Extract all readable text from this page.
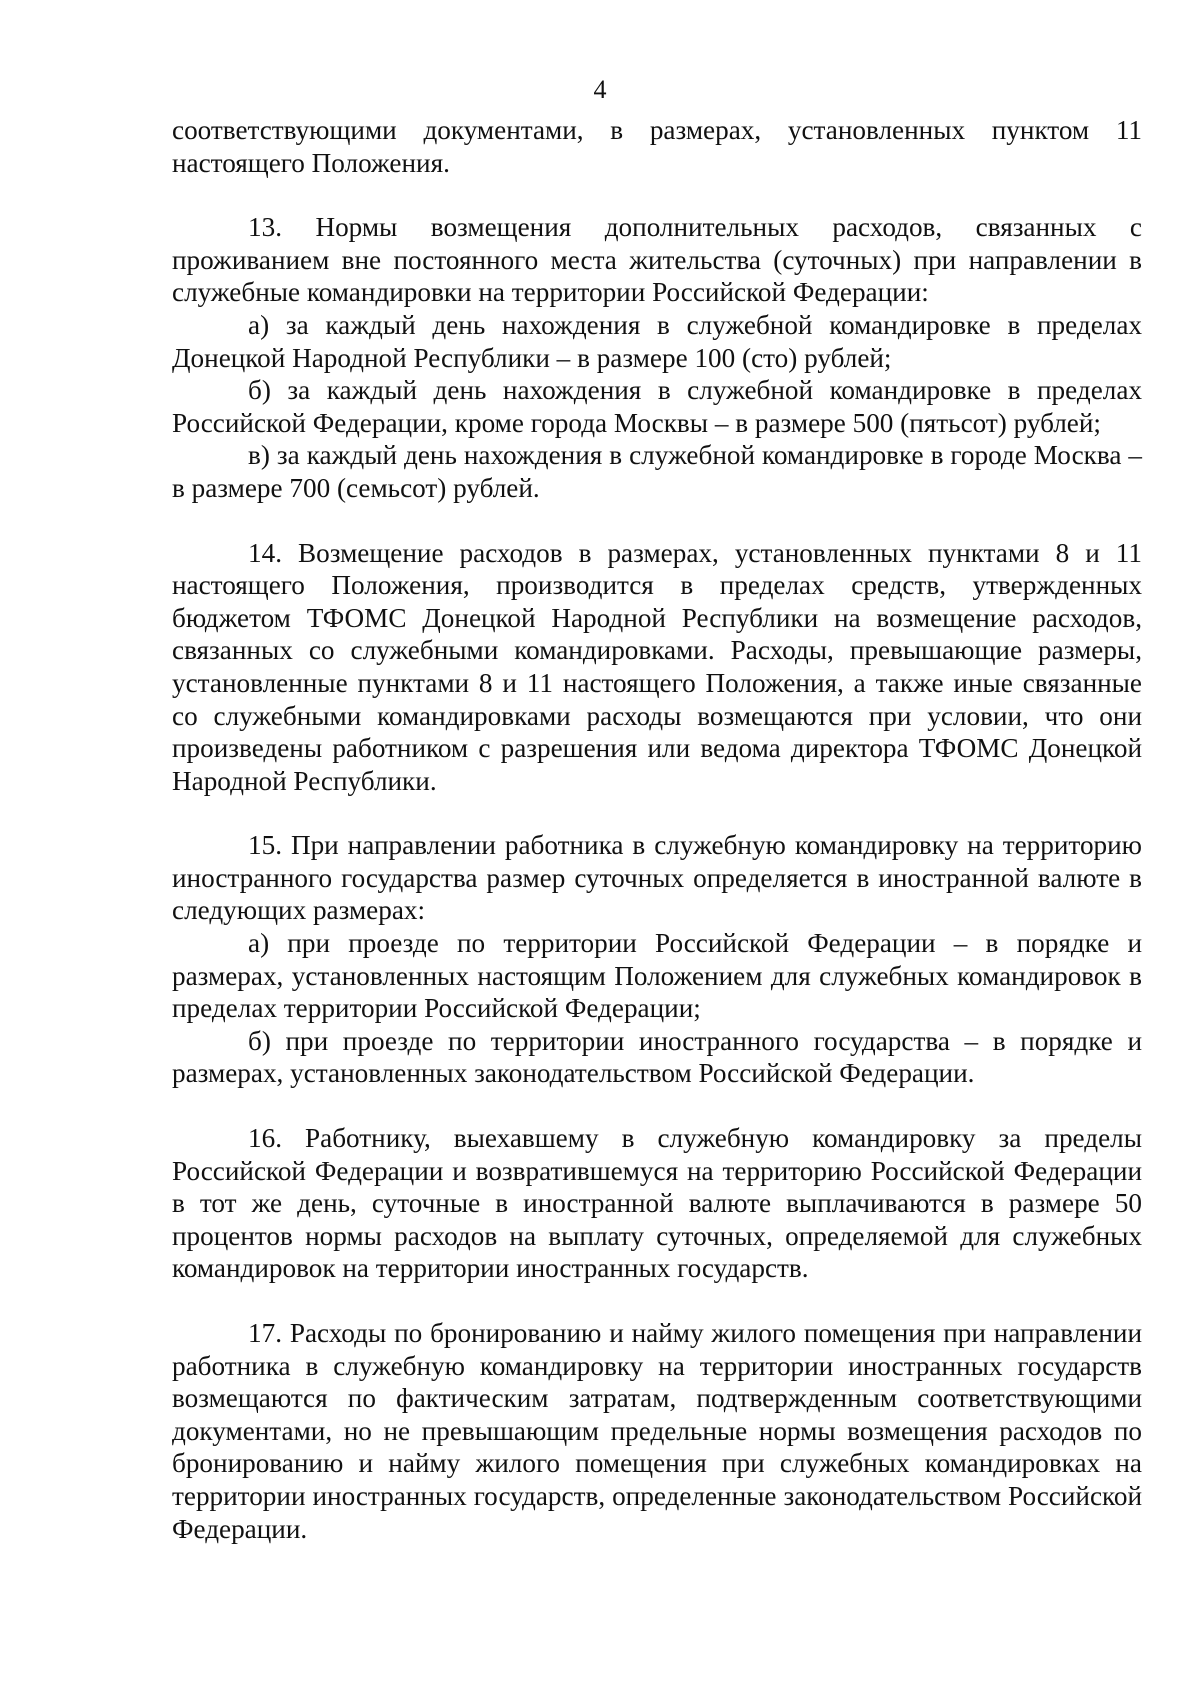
4

соответствующими документами, в размерах, установленных пунктом 11 настоящего Положения.

13. Нормы возмещения дополнительных расходов, связанных с проживанием вне постоянного места жительства (суточных) при направлении в служебные командировки на территории Российской Федерации:

а) за каждый день нахождения в служебной командировке в пределах Донецкой Народной Республики – в размере 100 (сто) рублей;

б) за каждый день нахождения в служебной командировке в пределах Российской Федерации, кроме города Москвы – в размере 500 (пятьсот) рублей;

в) за каждый день нахождения в служебной командировке в городе Москва – в размере 700 (семьсот) рублей.

14. Возмещение расходов в размерах, установленных пунктами 8 и 11 настоящего Положения, производится в пределах средств, утвержденных бюджетом ТФОМС Донецкой Народной Республики на возмещение расходов, связанных со служебными командировками. Расходы, превышающие размеры, установленные пунктами 8 и 11 настоящего Положения, а также иные связанные со служебными командировками расходы возмещаются при условии, что они произведены работником с разрешения или ведома директора ТФОМС Донецкой Народной Республики.

15. При направлении работника в служебную командировку на территорию иностранного государства размер суточных определяется в иностранной валюте в следующих размерах:

а) при проезде по территории Российской Федерации – в порядке и размерах, установленных настоящим Положением для служебных командировок в пределах территории Российской Федерации;

б) при проезде по территории иностранного государства – в порядке и размерах, установленных законодательством Российской Федерации.

16. Работнику, выехавшему в служебную командировку за пределы Российской Федерации и возвратившемуся на территорию Российской Федерации в тот же день, суточные в иностранной валюте выплачиваются в размере 50 процентов нормы расходов на выплату суточных, определяемой для служебных командировок на территории иностранных государств.

17. Расходы по бронированию и найму жилого помещения при направлении работника в служебную командировку на территории иностранных государств возмещаются по фактическим затратам, подтвержденным соответствующими документами, но не превышающим предельные нормы возмещения расходов по бронированию и найму жилого помещения при служебных командировках на территории иностранных государств, определенные законодательством Российской Федерации.
